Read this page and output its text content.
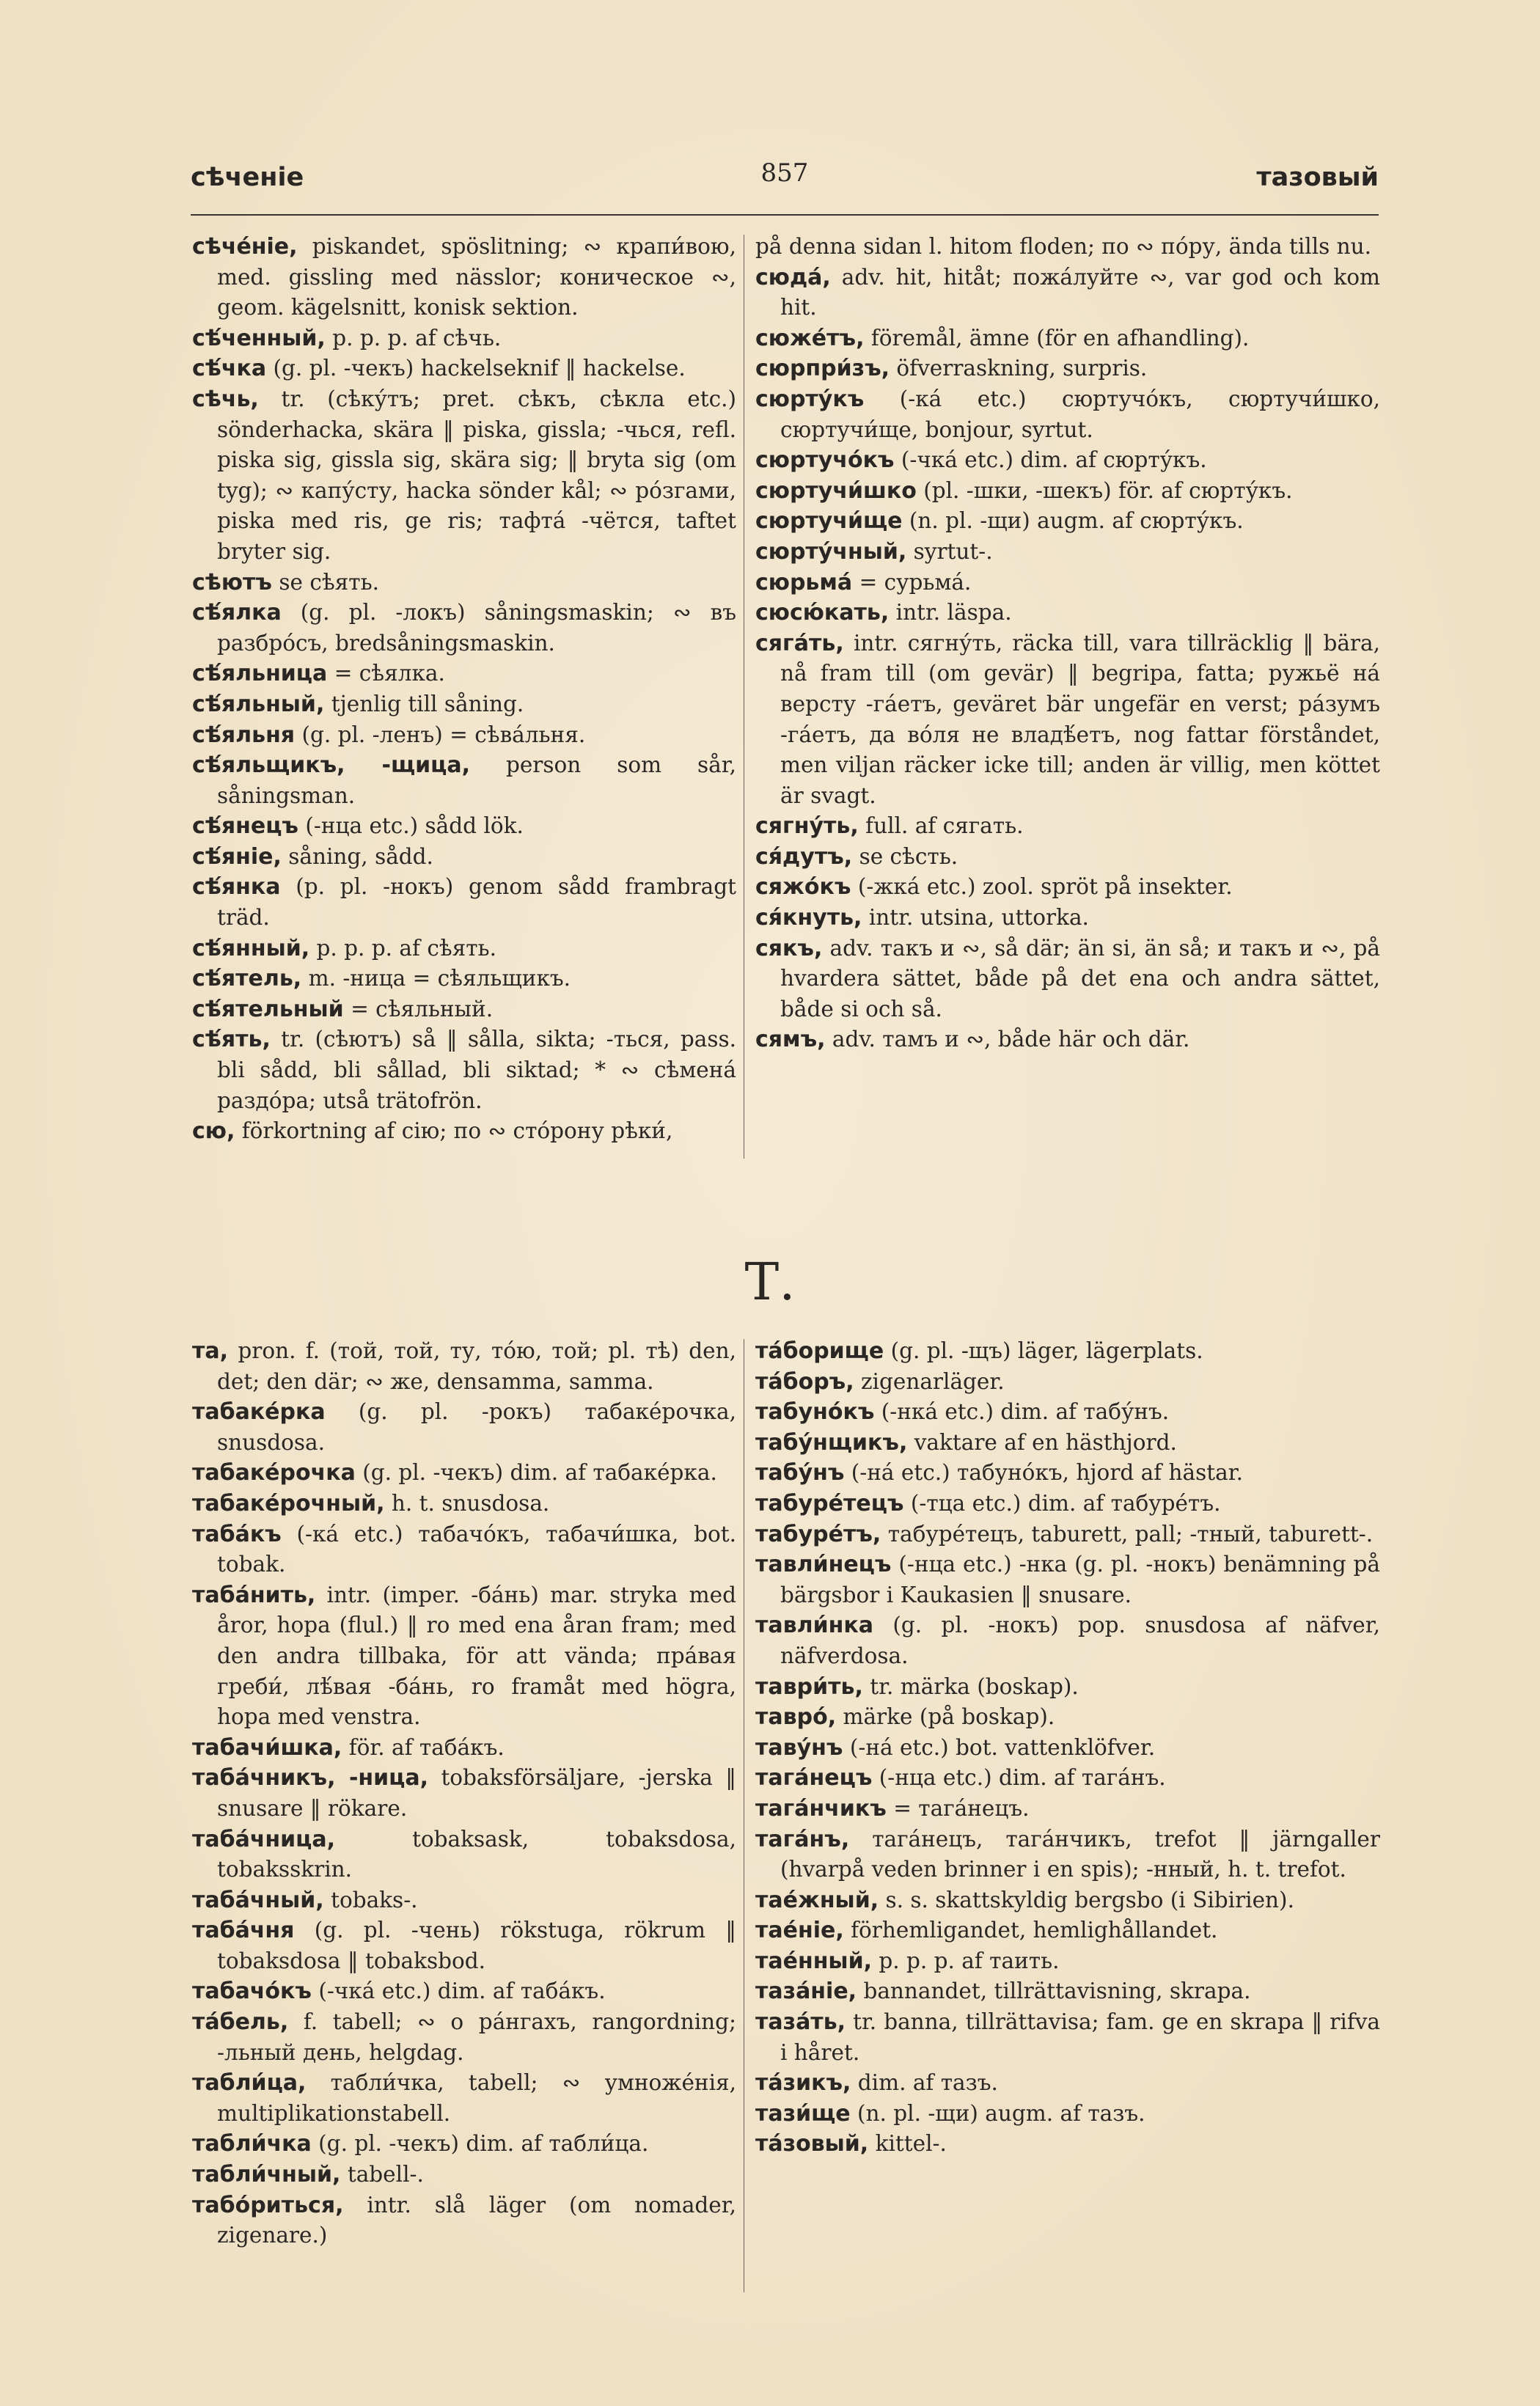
сѣченіе	857	тазовый

сѣче́ніе, piskandet, spöslitning; ∾ крапи́вою, med. gissling med nässlor; коническое ∾, geom. kägelsnitt, konisk sektion.

сѣ́ченный, p. p. p. af сѣчь.

сѣ́чка (g. pl. -чекъ) hackelseknif ‖ hackelse.

сѣчь, tr. (сѣку́тъ; pret. сѣкъ, сѣкла etc.) sönderhacka, skära ‖ piska, gissla; -чься, refl. piska sig, gissla sig, skära sig; ‖ bryta sig (om tyg); ∾ капу́сту, hacka sönder kål; ∾ ро́згами, piska med ris, ge ris; тафта́ -чётся, taftet bryter sig.

сѣютъ se сѣять.

сѣ́ялка (g. pl. -локъ) såningsmaskin; ∾ въ разбро́съ, bredsåningsmaskin.

сѣ́яльница = сѣялка.

сѣ́яльный, tjenlig till såning.

сѣ́яльня (g. pl. -ленъ) = сѣва́льня.

сѣ́яльщикъ, -щица, person som sår, såningsman.

сѣ́янецъ (-нца etc.) sådd lök.

сѣ́яніе, såning, sådd.

сѣ́янка (p. pl. -нокъ) genom sådd frambragt träd.

сѣ́янный, p. p. p. af сѣять.

сѣ́ятель, m. -ница = сѣяльщикъ.

сѣ́ятельный = сѣяльный.

сѣ́ять, tr. (сѣютъ) så ‖ sålla, sikta; -ться, pass. bli sådd, bli sållad, bli siktad; * ∾ сѣмена́ раздо́ра; utså trätofrön.

сю, förkortning af сію; по ∾ сто́рону рѣки́,

på denna sidan l. hitom floden; по ∾ по́ру, ända tills nu.

сюда́, adv. hit, hitåt; пожа́луйте ∾, var god och kom hit.

сюже́тъ, föremål, ämne (för en afhandling).

сюрпри́зъ, öfverraskning, surpris.

сюрту́къ (-ка́ etc.) сюртучо́къ, сюртучи́шко, сюртучи́ще, bonjour, syrtut.

сюртучо́къ (-чка́ etc.) dim. af сюрту́къ.

сюртучи́шко (pl. -шки, -шекъ) för. af сюрту́къ.

сюртучи́ще (n. pl. -щи) augm. af сюрту́къ.

сюрту́чный, syrtut-.

сюрьма́ = сурьма́.

сюсю́кать, intr. läspa.

сяга́ть, intr. сягну́ть, räcka till, vara tillräcklig ‖ bära, nå fram till (om gevär) ‖ begripa, fatta; ружьё на́ версту -га́етъ, geväret bär ungefär en verst; ра́зумъ -га́етъ, да во́ля не владѣ́етъ, nog fattar förståndet, men viljan räcker icke till; anden är villig, men köttet är svagt.

сягну́ть, full. af сягать.

ся́дутъ, se сѣсть.

сяжо́къ (-жка́ etc.) zool. spröt på insekter.

ся́кнуть, intr. utsina, uttorka.

сякъ, adv. такъ и ∾, så där; än si, än så; и такъ и ∾, på hvardera sättet, både på det ena och andra sättet, både si och så.

сямъ, adv. тамъ и ∾, både här och där.

Т.

та, pron. f. (той, той, ту, то́ю, той; pl. тѣ) den, det; den där; ∾ же, densamma, samma.

табаке́рка (g. pl. -рокъ) табаке́рочка, snusdosa.

табаке́рочка (g. pl. -чекъ) dim. af табаке́рка.

табаке́рочный, h. t. snusdosa.

таба́къ (-ка́ etc.) табачо́къ, табачи́шка, bot. tobak.

таба́нить, intr. (imper. -ба́нь) mar. stryka med åror, hopa (flul.) ‖ ro med ena åran fram; med den andra tillbaka, för att vända; пра́вая греби́, лѣ́вая -ба́нь, ro framåt med högra, hopa med venstra.

табачи́шка, för. af таба́къ.

таба́чникъ, -ница, tobaksförsäljare, -jerska ‖ snusare ‖ rökare.

таба́чница,	tobaksask, tobaksdosa, tobaksskrin.

таба́чный, tobaks-.

таба́чня (g. pl. -чень) rökstuga, rökrum ‖ tobaksdosa ‖ tobaksbod.

табачо́къ (-чка́ etc.) dim. af таба́къ.

та́бель, f. tabell; ∾ о ра́нгахъ, rangordning; -льный день, helgdag.

табли́ца, табли́чка, tabell; ∾ умноже́нія, multiplikationstabell.

табли́чка (g. pl. -чекъ) dim. af табли́ца.

табли́чный, tabell-.

табо́риться, intr. slå läger (om nomader, zigenare.)

та́борище (g. pl. -щъ) läger, lägerplats.

та́боръ, zigenarläger.

табуно́къ (-нка́ etc.) dim. af табу́нъ.

табу́нщикъ, vaktare af en hästhjord.

табу́нъ (-на́ etc.) табуно́къ, hjord af hästar.

табуре́тецъ (-тца etc.) dim. af табуре́тъ.

табуре́тъ, табуре́тецъ, taburett, pall; -тный, taburett-.

тавли́нецъ (-нца etc.) -нка (g. pl. -нокъ) benämning på bärgsbor i Kaukasien ‖ snusare.

тавли́нка (g. pl. -нокъ) pop. snusdosa af näfver, näfverdosa.

таври́ть, tr. märka (boskap).

тавро́, märke (på boskap).

таву́нъ (-на́ etc.) bot. vattenklöfver.

тага́нецъ (-нца etc.) dim. af тага́нъ.

тага́нчикъ = тага́нецъ.

тага́нъ, тага́нецъ, тага́нчикъ, trefot ‖ järngaller (hvarpå veden brinner i en spis); -нный, h. t. trefot.

тае́жный, s. s. skattskyldig bergsbo (i Sibirien).

тае́ніе, förhemligandet, hemlighållandet.

тае́нный, p. p. p. af таить.

таза́ніе, bannandet, tillrättavisning, skrapa.

таза́ть, tr. banna, tillrättavisa; fam. ge en skrapa ‖ rifva i håret.

та́зикъ, dim. af тазъ.

тази́ще (n. pl. -щи) augm. af тазъ.

та́зовый, kittel-.
